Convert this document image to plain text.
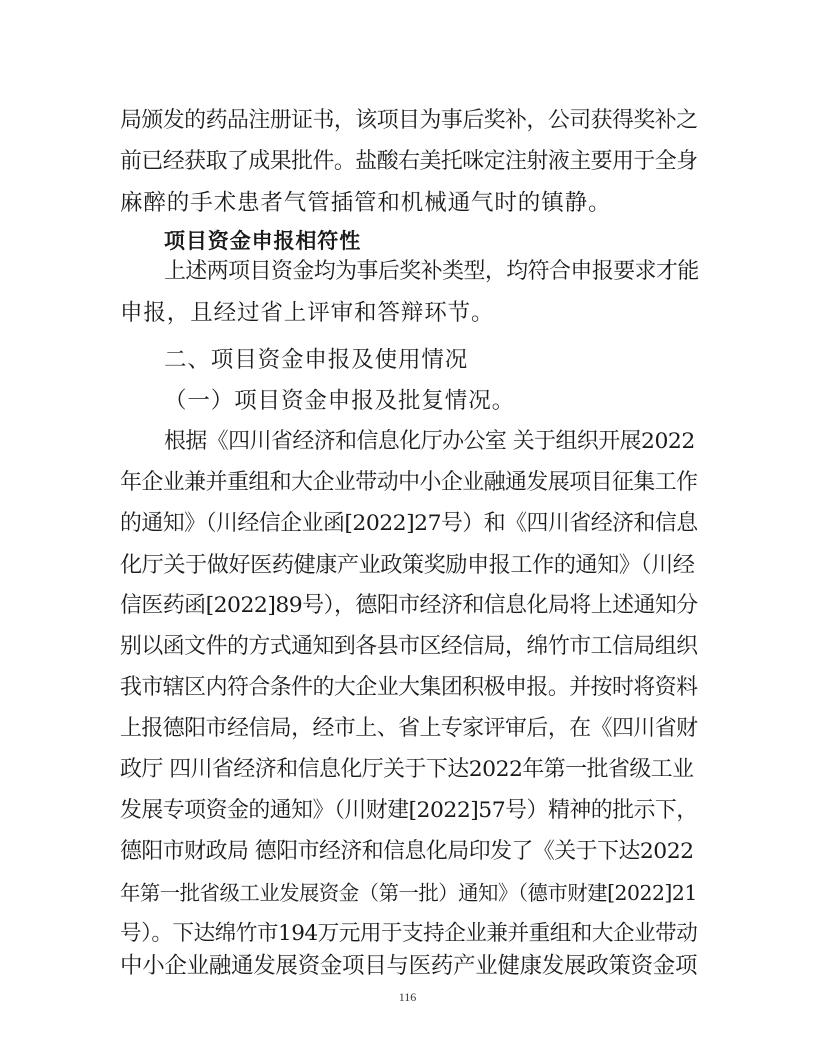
局颁发的药品注册证书，该项目为事后奖补，公司获得奖补之
前已经获取了成果批件。盐酸右美托咪定注射液主要用于全身
麻醉的手术患者气管插管和机械通气时的镇静。
项目资金申报相符性
上述两项目资金均为事后奖补类型，均符合申报要求才能
申报，且经过省上评审和答辩环节。
二、项目资金申报及使用情况
（一）项目资金申报及批复情况。
根据《四川省经济和信息化厅办公室 关于组织开展2022
年企业兼并重组和大企业带动中小企业融通发展项目征集工作
的通知》（川经信企业函[2022]27号）和《四川省经济和信息
化厅关于做好医药健康产业政策奖励申报工作的通知》（川经
信医药函[2022]89号），德阳市经济和信息化局将上述通知分
别以函文件的方式通知到各县市区经信局，绵竹市工信局组织
我市辖区内符合条件的大企业大集团积极申报。并按时将资料
上报德阳市经信局，经市上、省上专家评审后，在《四川省财
政厅 四川省经济和信息化厅关于下达2022年第一批省级工业
发展专项资金的通知》（川财建[2022]57号）精神的批示下，
德阳市财政局 德阳市经济和信息化局印发了《关于下达2022
年第一批省级工业发展资金（第一批）通知》（德市财建[2022]21
号）。下达绵竹市194万元用于支持企业兼并重组和大企业带动
中小企业融通发展资金项目与医药产业健康发展政策资金项
116
